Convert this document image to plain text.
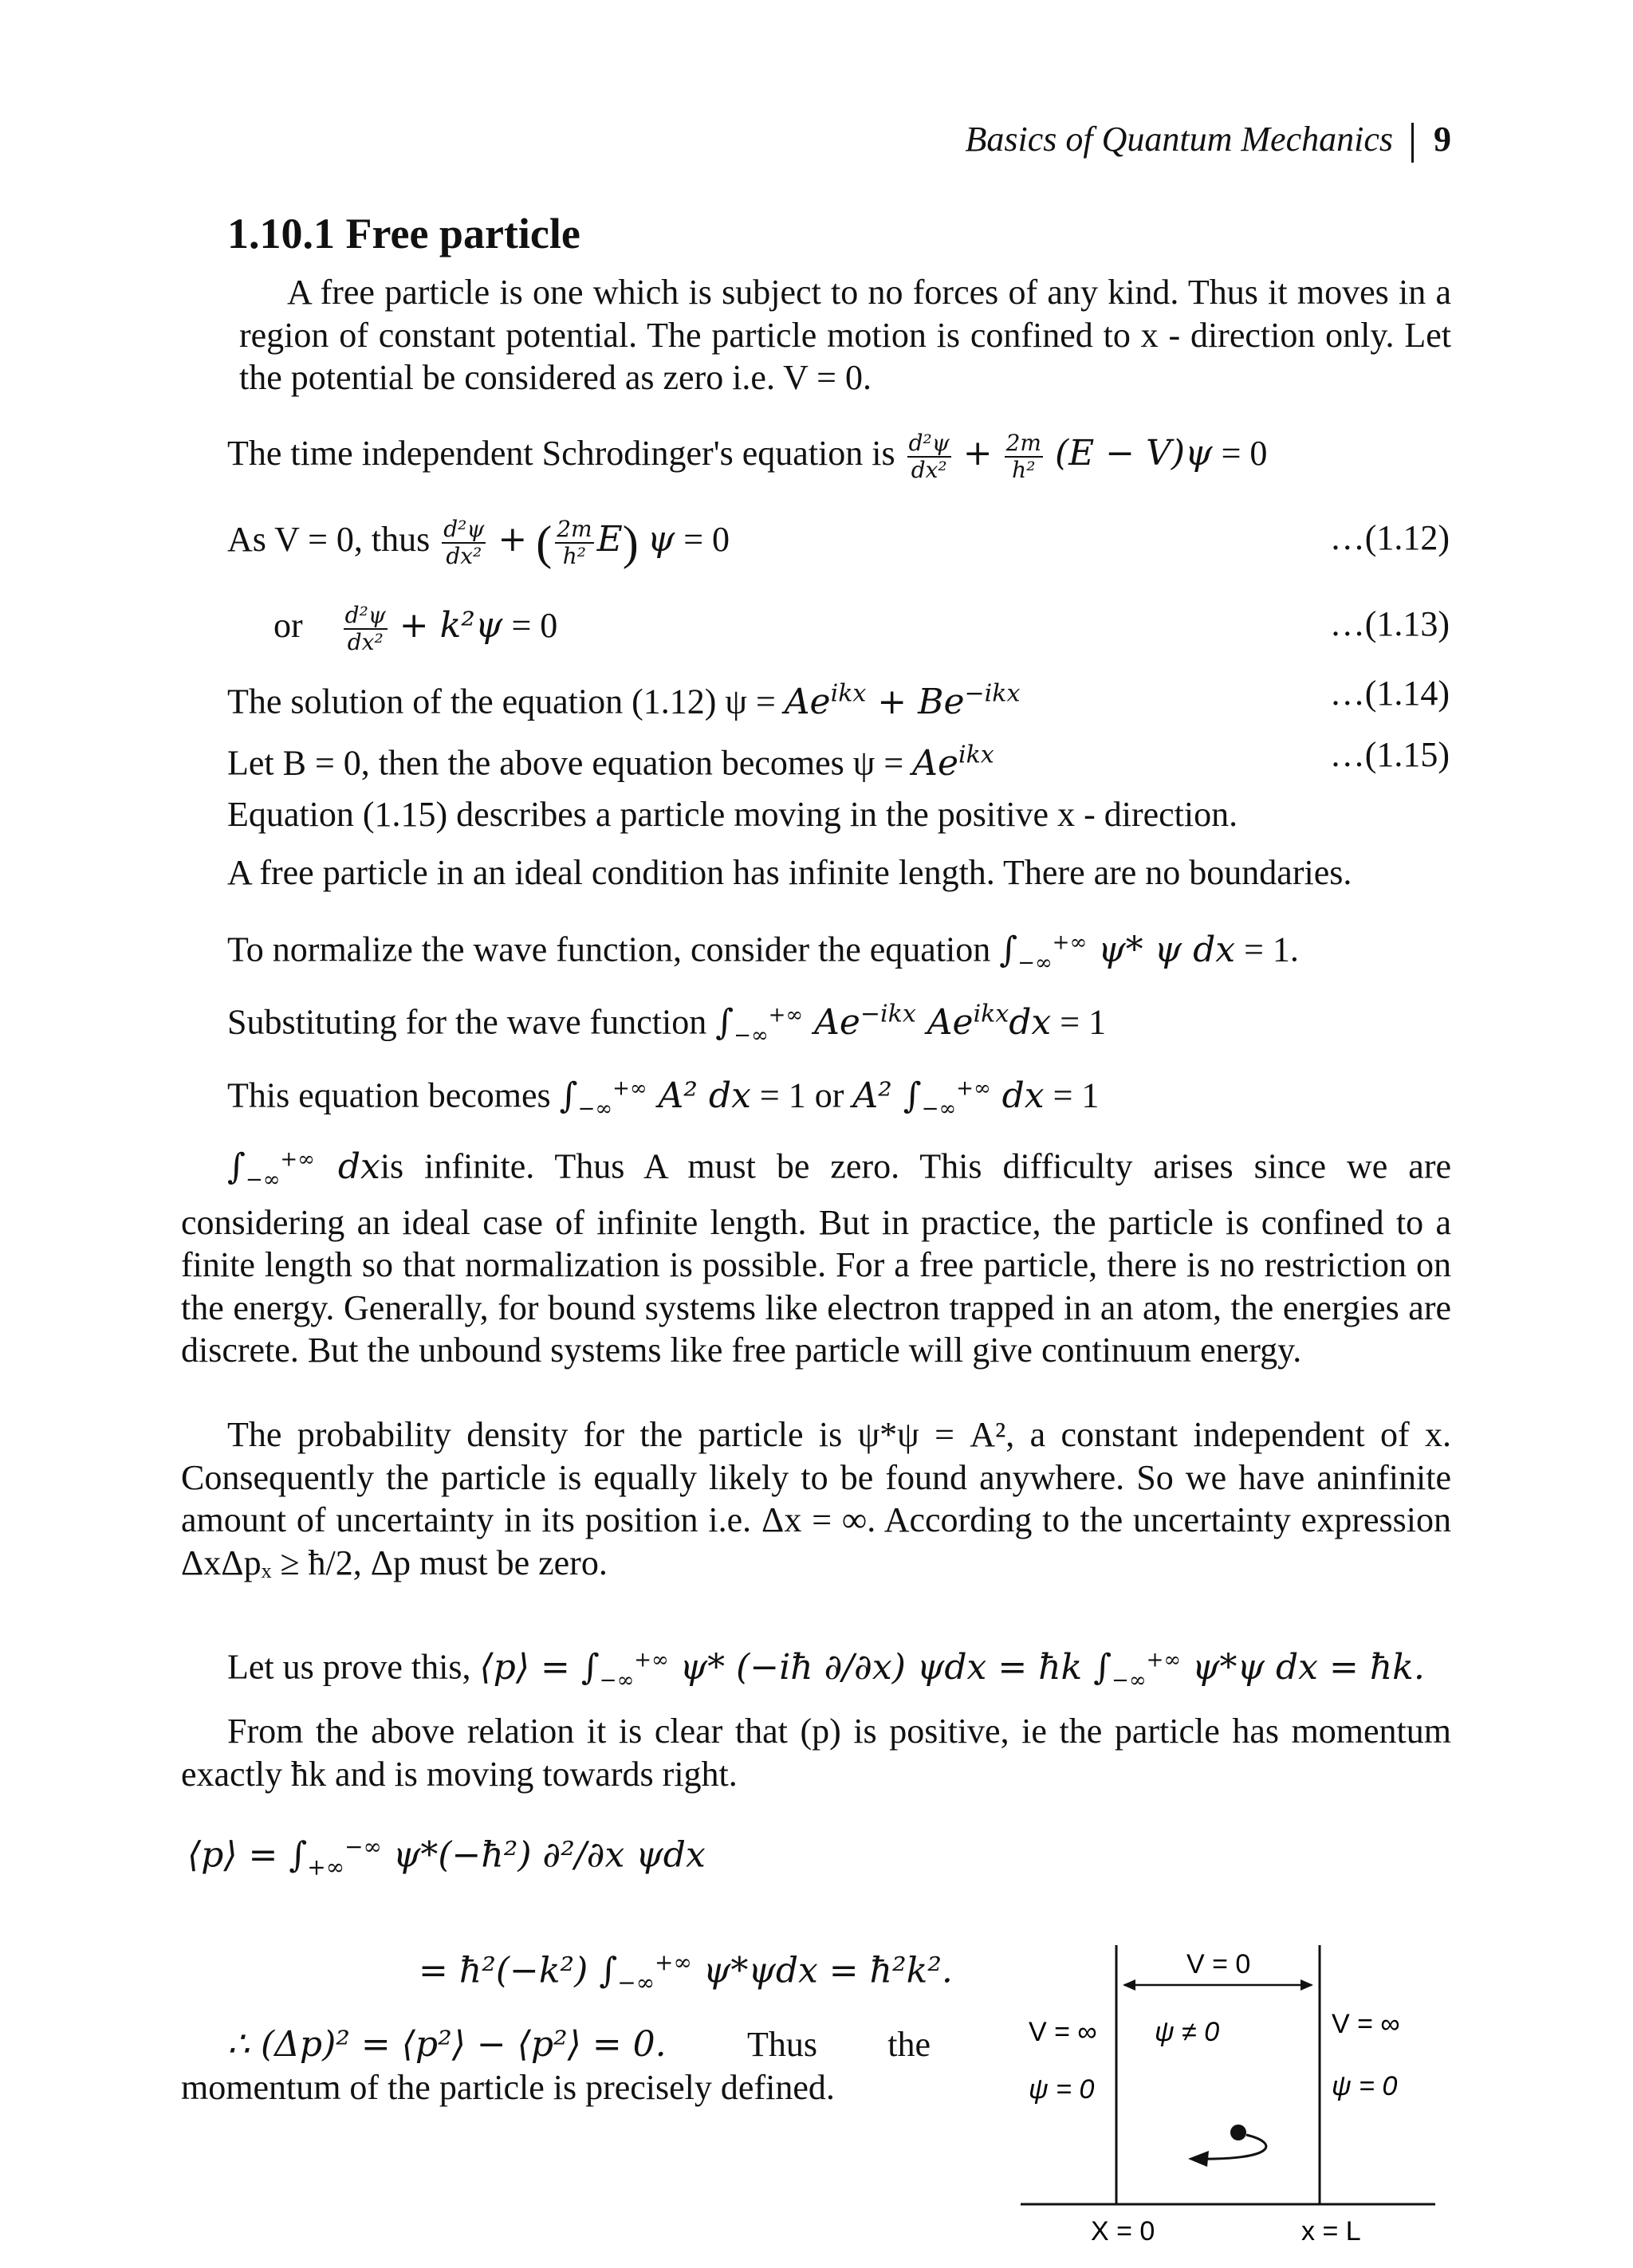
Basics of Quantum Mechanics 9
1.10.1 Free particle
A free particle is one which is subject to no forces of any kind. Thus it moves in a region of constant potential. The particle motion is confined to x - direction only. Let the potential be considered as zero i.e. V = 0.
The time independent Schrodinger's equation is $\frac{\text{d²ψ}}{\text{dx²}} + \frac{2m}{\text{h²}} (E - V)\psi = 0$
As V = 0, thus $\frac{\text{d²ψ}}{\text{dx²}}$ + ( $\frac{2m}{\text{h²}} E$) ψ = 0	…(1.12)
or $\frac{\text{d²ψ}}{\text{dx²}} + k^2\psi = 0$	…(1.13)
The solution of the equation (1.12) $\psi = Ae^{ikx} + Be^{-ikx}$	…(1.14)
Let B = 0, then the above equation becomes $\psi = Ae^{ikx}$	…(1.15)
Equation (1.15) describes a particle moving in the positive x - direction.
A free particle in an ideal condition has infinite length. There are no boundaries.
To normalize the wave function, consider the equation $\int_{-\infty}^{+\infty}$ ψ* ψ dx = 1.
Substituting for the wave function $\int_{-\infty}^{+\infty}$ $Ae^{-ikx}$ $Ae^{ikx}dx = 1$
This equation becomes $\int_{-\infty}^{+\infty}$ A² dx = 1 or A² $\int_{-\infty}^{+\infty}$ dx = 1
$\int_{-\infty}^{+\infty}$ dxis infinite. Thus A must be zero. This difficulty arises since we are considering an ideal case of infinite length. But in practice, the particle is confined to a finite length so that normalization is possible. For a free particle, there is no restriction on the energy. Generally, for bound systems like electron trapped in an atom, the energies are discrete. But the unbound systems like free particle will give continuum energy.
The probability density for the particle is ψ*ψ = A², a constant independent of x. Consequently the particle is equally likely to be found anywhere. So we have aninfinite amount of uncertainty in its position i.e. Δx = ∞. According to the uncertainty expression ΔxΔpₓ ≥ ħ/2, Δp must be zero.
Let us prove this, ⟨p⟩ = $\int_{-\infty}^{+\infty}$ ψ* (−iħ ∂/∂x) ψdx = ħk $\int_{-\infty}^{+\infty}$ ψ*ψ dx = ħk.
From the above relation it is clear that (p) is positive, ie the particle has momentum exactly ħk and is moving towards right.
⟨p⟩ = $\int_{+\infty}^{-\infty}$ ψ*(−ħ²) ∂²/∂x ψdx
= ħ²(−k²) $\int_{-\infty}^{+\infty}$ ψ*ψdx = ħ²k².
∴ (Δp)² = ⟨p²⟩ − ⟨p²⟩ = 0.	Thus the momentum of the particle is precisely defined.
V = 0
V = ∞	V = ∞
ψ ≠ 0
ψ = 0	ψ = 0
X = 0	x = L
